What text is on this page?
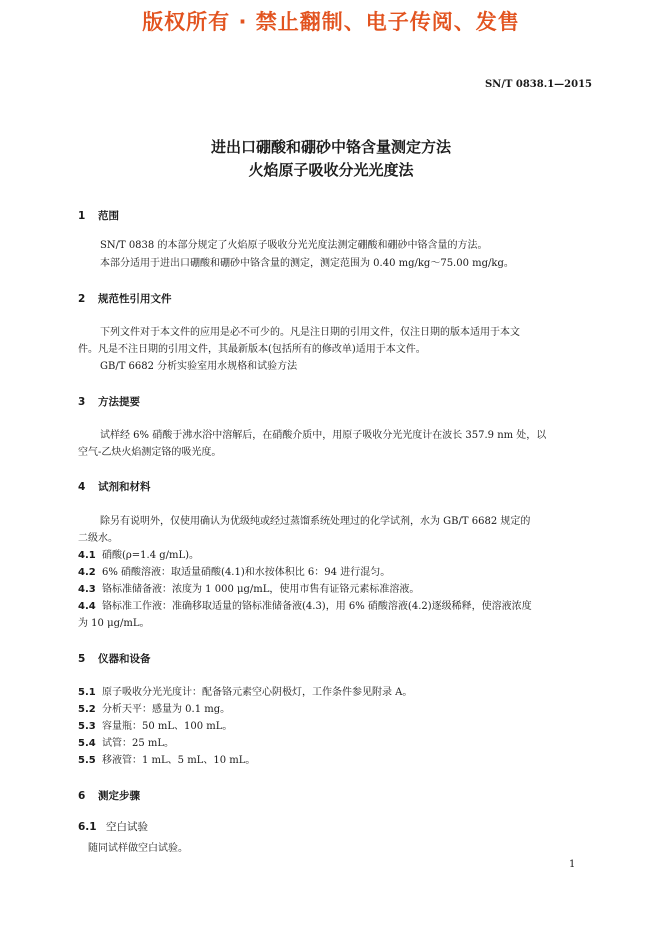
版权所有 · 禁止翻制、电子传阅、发售
SN/T 0838.1—2015
进出口硼酸和硼砂中铬含量测定方法
火焰原子吸收分光光度法
1 范围
SN/T 0838 的本部分规定了火焰原子吸收分光光度法测定硼酸和硼砂中铬含量的方法。
本部分适用于进出口硼酸和硼砂中铬含量的测定，测定范围为 0.40 mg/kg～75.00 mg/kg。
2 规范性引用文件
下列文件对于本文件的应用是必不可少的。凡是注日期的引用文件，仅注日期的版本适用于本文
件。凡是不注日期的引用文件，其最新版本(包括所有的修改单)适用于本文件。
GB/T 6682 分析实验室用水规格和试验方法
3 方法提要
试样经 6% 硝酸于沸水浴中溶解后，在硝酸介质中，用原子吸收分光光度计在波长 357.9 nm 处，以
空气-乙炔火焰测定铬的吸光度。
4 试剂和材料
除另有说明外，仅使用确认为优级纯或经过蒸馏系统处理过的化学试剂，水为 GB/T 6682 规定的
二级水。
4.1 硝酸(ρ=1.4 g/mL)。
4.2 6% 硝酸溶液：取适量硝酸(4.1)和水按体积比 6：94 进行混匀。
4.3 铬标准储备液：浓度为 1 000 μg/mL，使用市售有证铬元素标准溶液。
4.4 铬标准工作液：准确移取适量的铬标准储备液(4.3)，用 6% 硝酸溶液(4.2)逐级稀释，使溶液浓度
为 10 μg/mL。
5 仪器和设备
5.1 原子吸收分光光度计：配备铬元素空心阴极灯，工作条件参见附录 A。
5.2 分析天平：感量为 0.1 mg。
5.3 容量瓶：50 mL、100 mL。
5.4 试管：25 mL。
5.5 移液管：1 mL、5 mL、10 mL。
6 测定步骤
6.1 空白试验
随同试样做空白试验。
1
